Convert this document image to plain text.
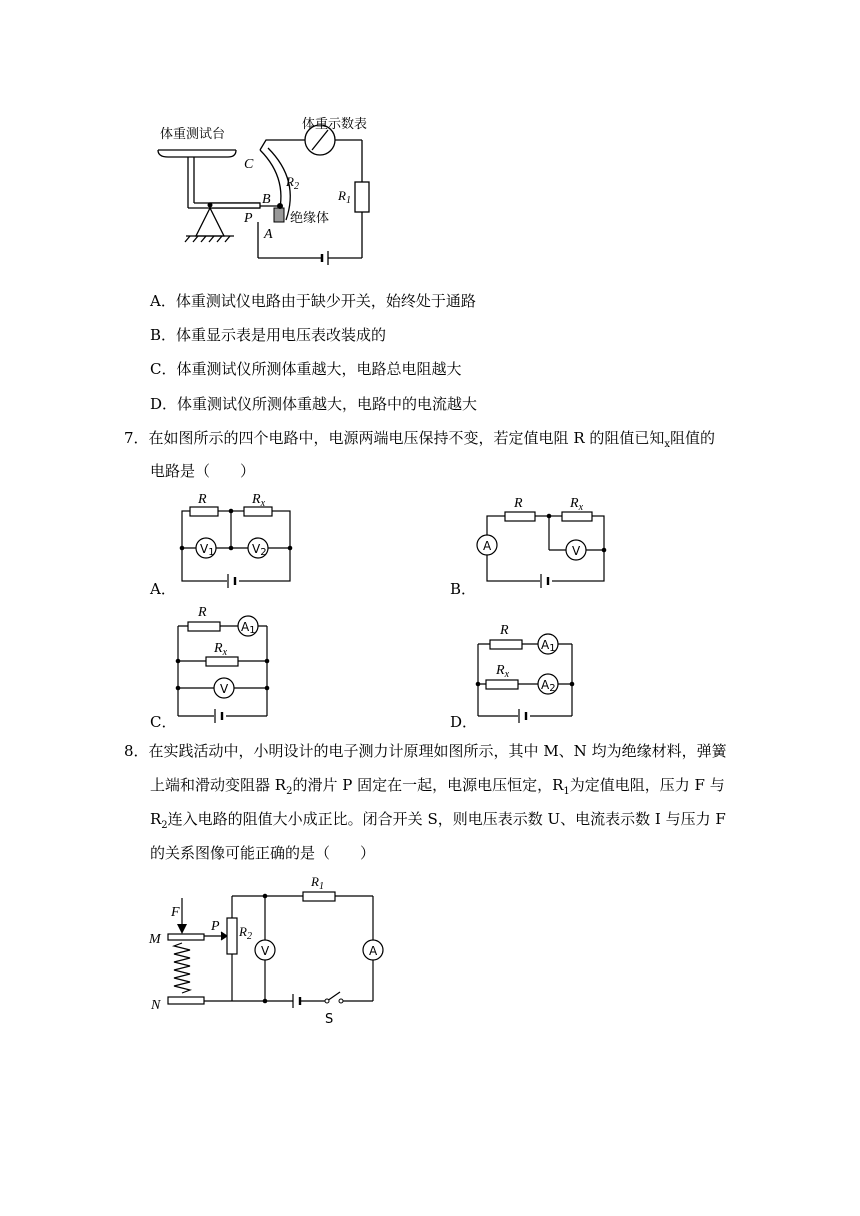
体重测试台
体重示数表
绝缘体
C
B
P
A
$R_2$
$R_1$
A．体重测试仪电路由于缺少开关，始终处于通路
B．体重显示表是用电压表改装成的
C．体重测试仪所测体重越大，电路总电阻越大
D．体重测试仪所测体重越大，电路中的电流越大
7．在如图所示的四个电路中，电源两端电压保持不变，若定值电阻 R 的阻值已知$_x$阻值的
电路是（　　）
A．
R	$R_x$
V1	V2
B．
R	$R_x$
A	V
C．
R
$R_x$
A1
V
D．
R
$R_x$
A1
A2
8．在实践活动中，小明设计的电子测力计原理如图所示，其中 M、N 均为绝缘材料，弹簧
上端和滑动变阻器 $R_2$的滑片 P 固定在一起，电源电压恒定，$R_1$为定值电阻，压力 F 与
$R_2$连入电路的阻值大小成正比。闭合开关 S，则电压表示数 U、电流表示数 I 与压力 F
的关系图像可能正确的是（　　）
F
M
N
P $R_2$
$R_1$
V	A
S
